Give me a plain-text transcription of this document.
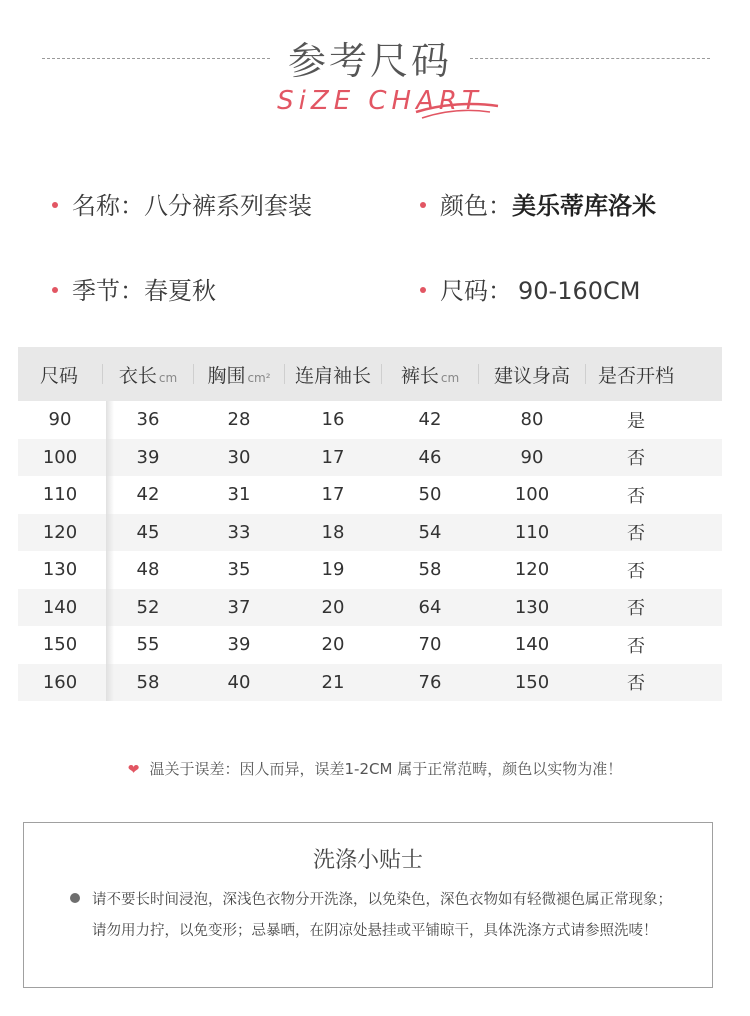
参考尺码
SiZE CHART
名称：八分裤系列套装	颜色：美乐蒂库洛米
季节：春夏秋	尺码： 90-160CM
尺码	衣长 cm	胸围 cm²	连肩袖长	裤长 cm	建议身高	是否开档
90	36	28	16	42	80	是
100	39	30	17	46	90	否
110	42	31	17	50	100	否
120	45	33	18	54	110	否
130	48	35	19	58	120	否
140	52	37	20	64	130	否
150	55	39	20	70	140	否
160	58	40	21	76	150	否
❤ 温关于误差：因人而异，误差1-2CM 属于正常范畴，颜色以实物为准！
洗涤小贴士
请不要长时间浸泡，深浅色衣物分开洗涤，以免染色，深色衣物如有轻微褪色属正常现象；请勿用力拧，以免变形；忌暴晒，在阴凉处悬挂或平铺晾干，具体洗涤方式请参照洗唛！
